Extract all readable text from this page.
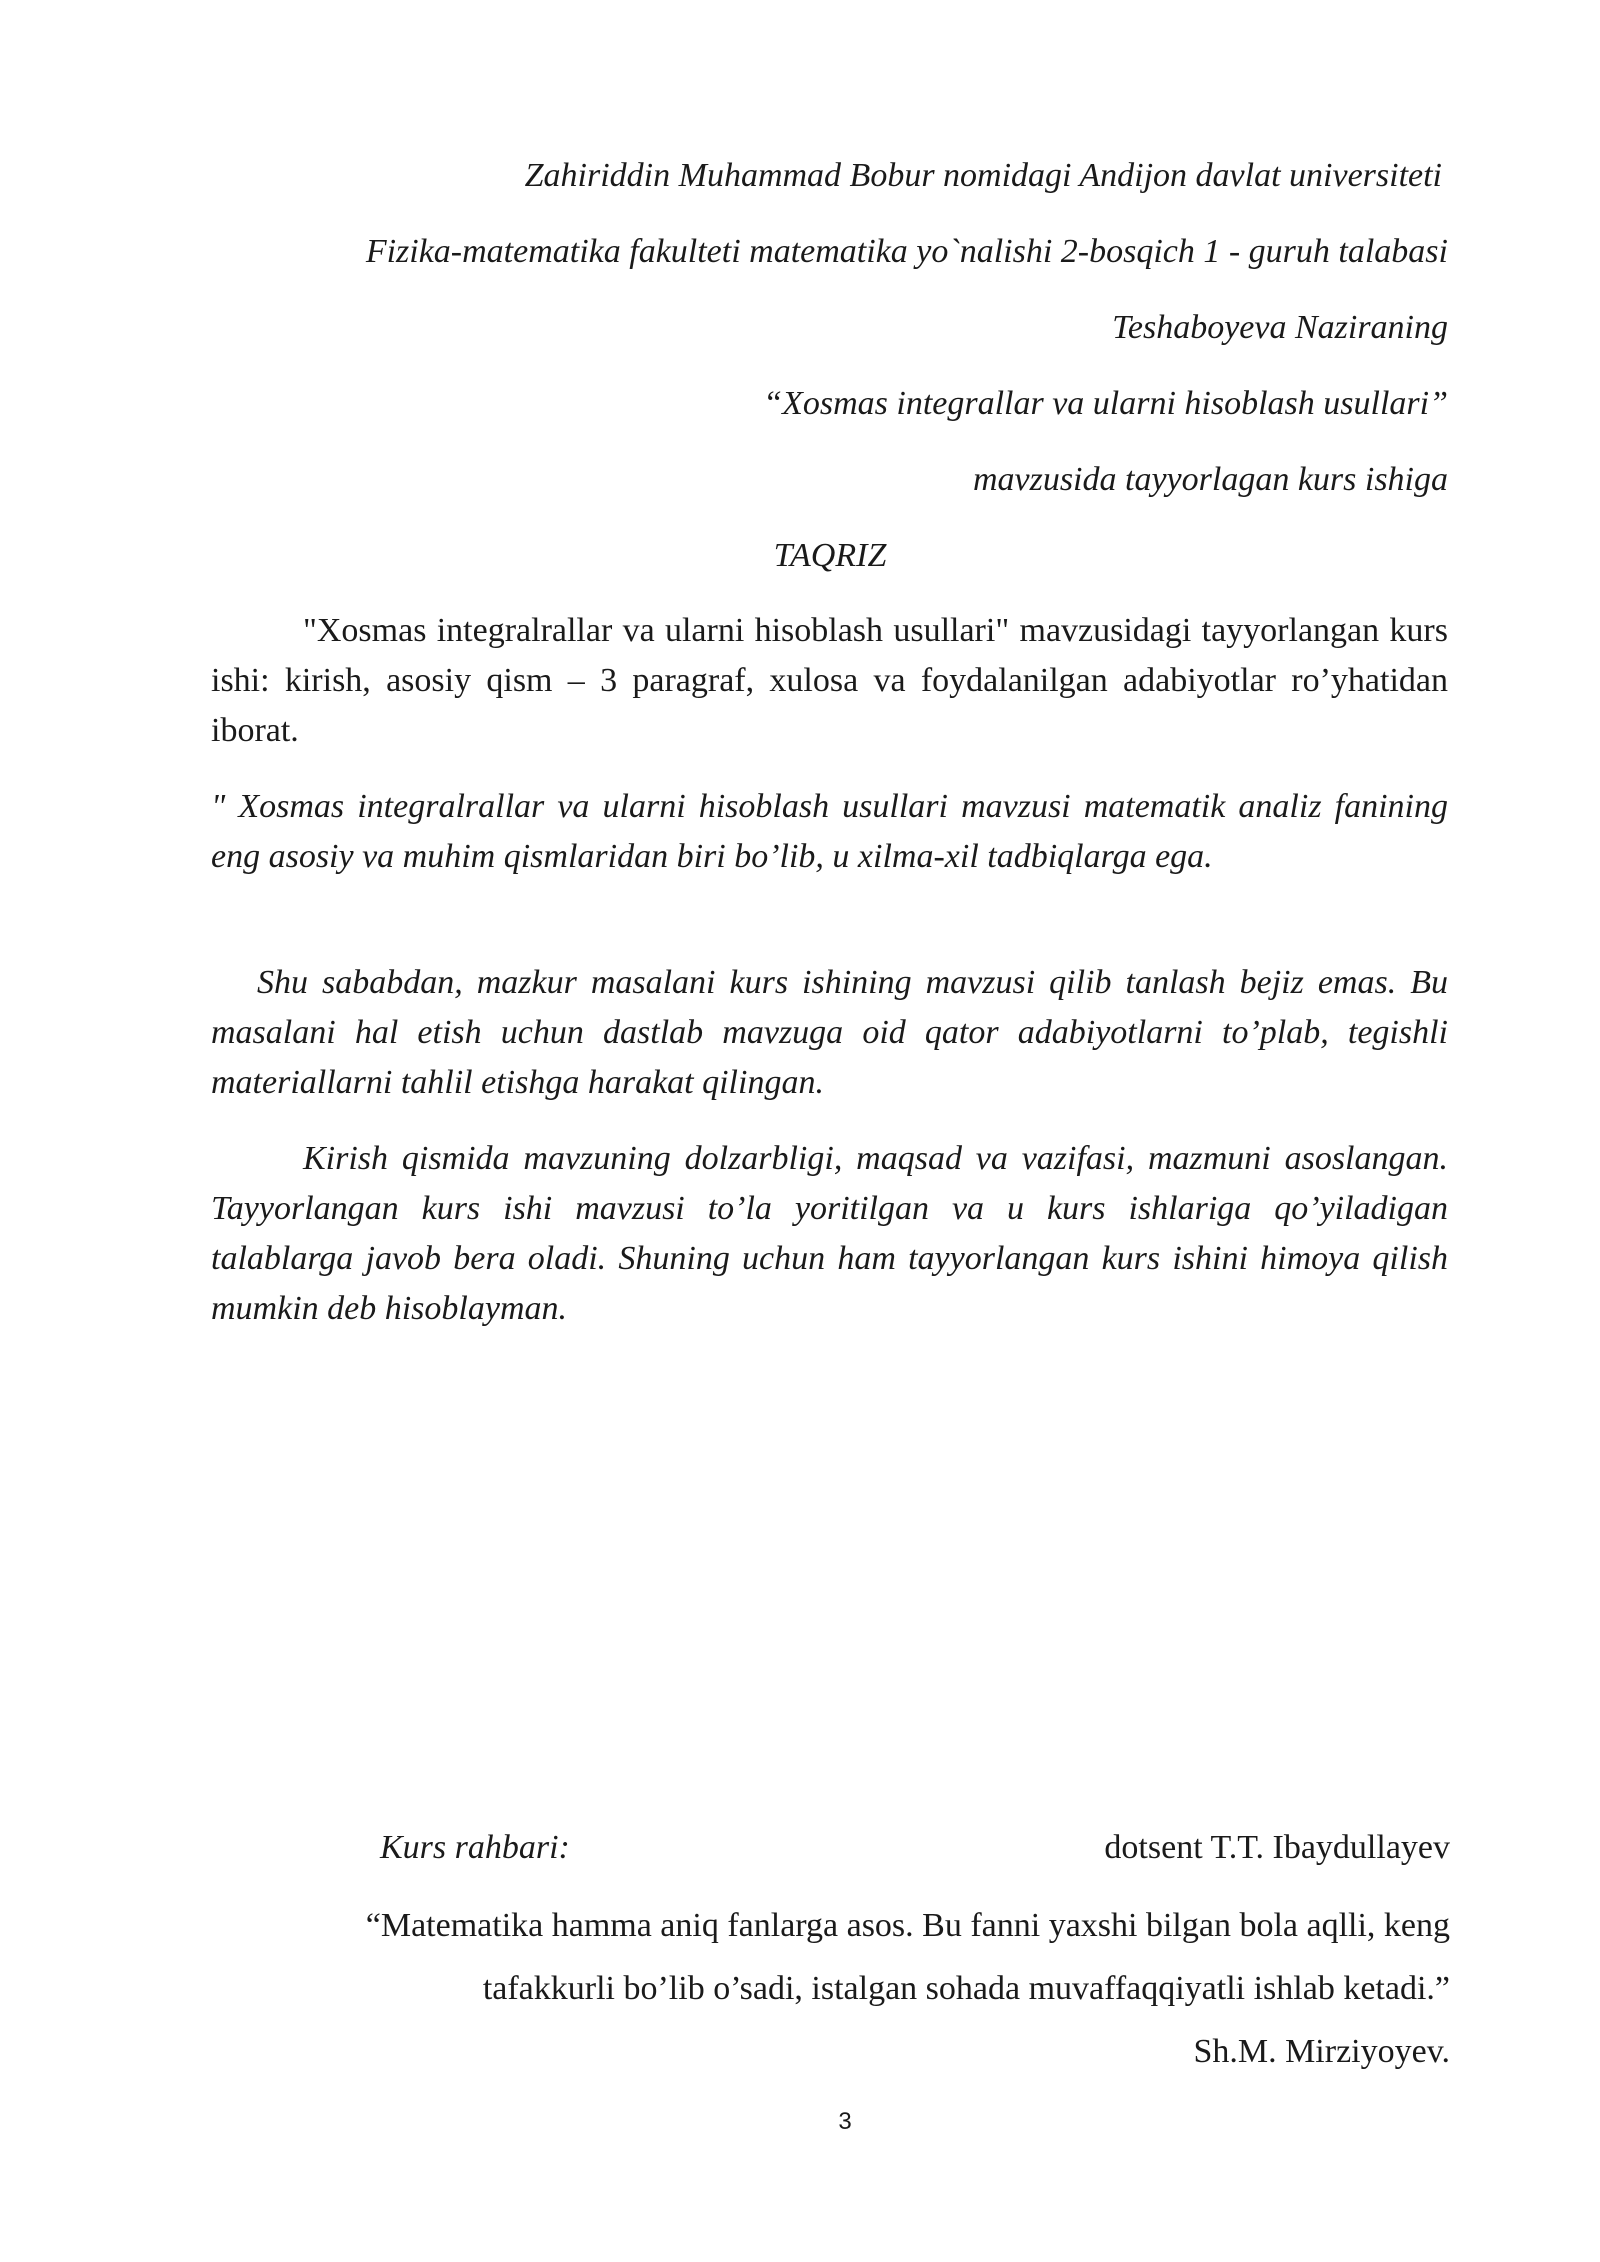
Zahiriddin Muhammad Bobur nomidagi Andijon davlat universiteti
Fizika-matematika fakulteti matematika yo`nalishi 2-bosqich 1 - guruh talabasi
Teshaboyeva Naziraning
“Xosmas integrallar va ularni hisoblash usullari”
mavzusida tayyorlagan kurs ishiga
TAQRIZ

"Xosmas integralrallar va ularni hisoblash usullari" mavzusidagi tayyorlangan kurs ishi: kirish, asosiy qism – 3 paragraf, xulosa va foydalanilgan adabiyotlar ro’yhatidan iborat.

" Xosmas integralrallar va ularni hisoblash usullari mavzusi matematik analiz fanining eng asosiy va muhim qismlaridan biri bo’lib, u xilma-xil tadbiqlarga ega.

Shu sababdan, mazkur masalani kurs ishining mavzusi qilib tanlash bejiz emas. Bu masalani hal etish uchun dastlab mavzuga oid qator adabiyotlarni to’plab, tegishli materiallarni tahlil etishga harakat qilingan.

Kirish qismida mavzuning dolzarbligi, maqsad va vazifasi, mazmuni asoslangan. Tayyorlangan kurs ishi mavzusi to’la yoritilgan va u kurs ishlariga qo’yiladigan talablarga javob bera oladi. Shuning uchun ham tayyorlangan kurs ishini himoya qilish mumkin deb hisoblayman.

Kurs rahbari:	dotsent T.T. Ibaydullayev
“Matematika hamma aniq fanlarga asos. Bu fanni yaxshi bilgan bola aqlli, keng
tafakkurli bo’lib o’sadi, istalgan sohada muvaffaqqiyatli ishlab ketadi.”
Sh.M. Mirziyoyev.
3
